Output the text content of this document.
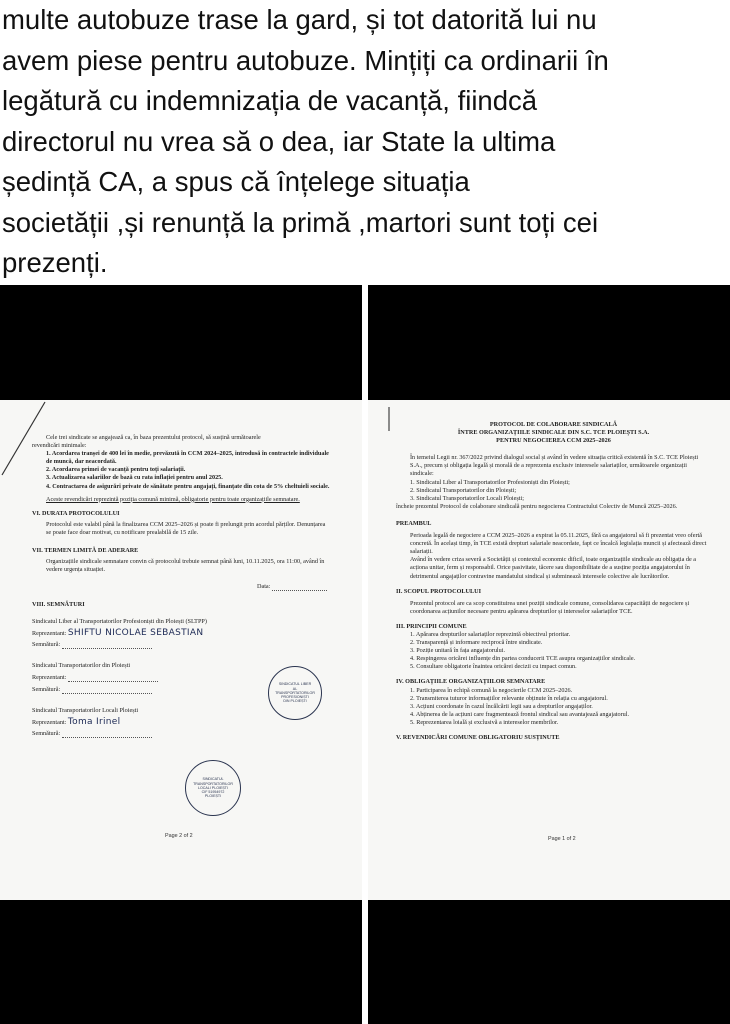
multe autobuze trase la gard, și tot datorită lui nu
avem piese pentru autobuze. Mințiți ca ordinarii în
legătură cu indemnizația de vacanță, fiindcă
directorul nu vrea să o dea, iar State la ultima
ședință CA, a spus că înțelege situația
societății ,și renunță la primă ,martori sunt toți cei
prezenți.

Cele trei sindicate se angajează ca, în baza prezentului protocol, să susțină următoarele

revendicări minimale:

1. Acordarea tranșei de 400 lei în medie, prevăzută în CCM 2024–2025, introdusă în contractele individuale de muncă, dar neacordată.

2. Acordarea primei de vacanță pentru toți salariații.

3. Actualizarea salariilor de bază cu rata inflației pentru anul 2025.

4. Contractarea de asigurări private de sănătate pentru angajați, finanțate din cota de 5% cheltuieli sociale.

Aceste revendicări reprezintă poziția comună minimă, obligatorie pentru toate organizațiile semnatare.

VI. DURATA PROTOCOLULUI

Protocolul este valabil până la finalizarea CCM 2025–2026 și poate fi prelungit prin acordul părților. Denunțarea se poate face doar motivat, cu notificare prealabilă de 15 zile.

VII. TERMEN LIMITĂ DE ADERARE

Organizațiile sindicale semnatare convin că protocolul trebuie semnat până luni, 10.11.2025, ora 11:00, având în vedere urgența situației.

Data:

VIII. SEMNĂTURI

Sindicatul Liber al Transportatorilor Profesioniști din Ploiești (SLTPP)

Reprezentant: SHIFTU NICOLAE SEBASTIAN

Semnătură:

Sindicatul Transportatorilor din Ploiești

Reprezentant:

Semnătură:

Sindicatul Transportatorilor Locali Ploiești

Reprezentant: Toma Irinel

Semnătură:

SINDICATUL LIBER
AL
TRANSPORTATORILOR
PROFESIONIȘTI
DIN PLOIEȘTI
SINDICATUL
TRANSPORTATORILOR
LOCALI PLOIEȘTI
CIF 51954972
PLOIEȘTI
Page 2 of 2

PROTOCOL DE COLABORARE SINDICALĂ

ÎNTRE ORGANIZAȚIILE SINDICALE DIN S.C. TCE PLOIEȘTI S.A.

PENTRU NEGOCIEREA CCM 2025–2026

În temeiul Legii nr. 367/2022 privind dialogul social și având în vedere situația critică existentă în S.C. TCE Ploiești S.A., precum și obligația legală și morală de a reprezenta exclusiv interesele salariaților, următoarele organizații sindicale:

1. Sindicatul Liber al Transportatorilor Profesioniști din Ploiești;

2. Sindicatul Transportatorilor din Ploiești;

3. Sindicatul Transportatorilor Locali Ploiești;

încheie prezentul Protocol de colaborare sindicală pentru negocierea Contractului Colectiv de Muncă 2025–2026.

PREAMBUL

Perioada legală de negociere a CCM 2025–2026 a expirat la 05.11.2025, fără ca angajatorul să fi prezentat vreo ofertă concretă. În același timp, în TCE există drepturi salariale neacordate, fapt ce încalcă legislația muncii și afectează direct salariații.

Având în vedere criza severă a Societății și contextul economic dificil, toate organizațiile sindicale au obligația de a acționa unitar, ferm și responsabil. Orice pasivitate, tăcere sau disponibilitate de a susține poziția angajatorului în detrimentul angajaților contravine mandatului sindical și subminează interesele colective ale lucrătorilor.

II. SCOPUL PROTOCOLULUI

Prezentul protocol are ca scop constituirea unei poziții sindicale comune, consolidarea capacității de negociere și coordonarea acțiunilor necesare pentru apărarea drepturilor și intereselor salariaților TCE.

III. PRINCIPII COMUNE

1. Apărarea drepturilor salariaților reprezintă obiectivul prioritar.

2. Transparență și informare reciprocă între sindicate.

3. Poziție unitară în fața angajatorului.

4. Respingerea oricărei influențe din partea conducerii TCE asupra organizațiilor sindicale.

5. Consultare obligatorie înaintea oricărei decizii cu impact comun.

IV. OBLIGAȚIILE ORGANIZAȚIILOR SEMNATARE

1. Participarea în echipă comună la negocierile CCM 2025–2026.

2. Transmiterea tuturor informațiilor relevante obținute în relația cu angajatorul.

3. Acțiuni coordonate în cazul încălcării legii sau a drepturilor angajaților.

4. Abținerea de la acțiuni care fragmentează frontul sindical sau avantajează angajatorul.

5. Reprezentarea loială și exclusivă a intereselor membrilor.

V. REVENDICĂRI COMUNE OBLIGATORIU SUSȚINUTE

Page 1 of 2
